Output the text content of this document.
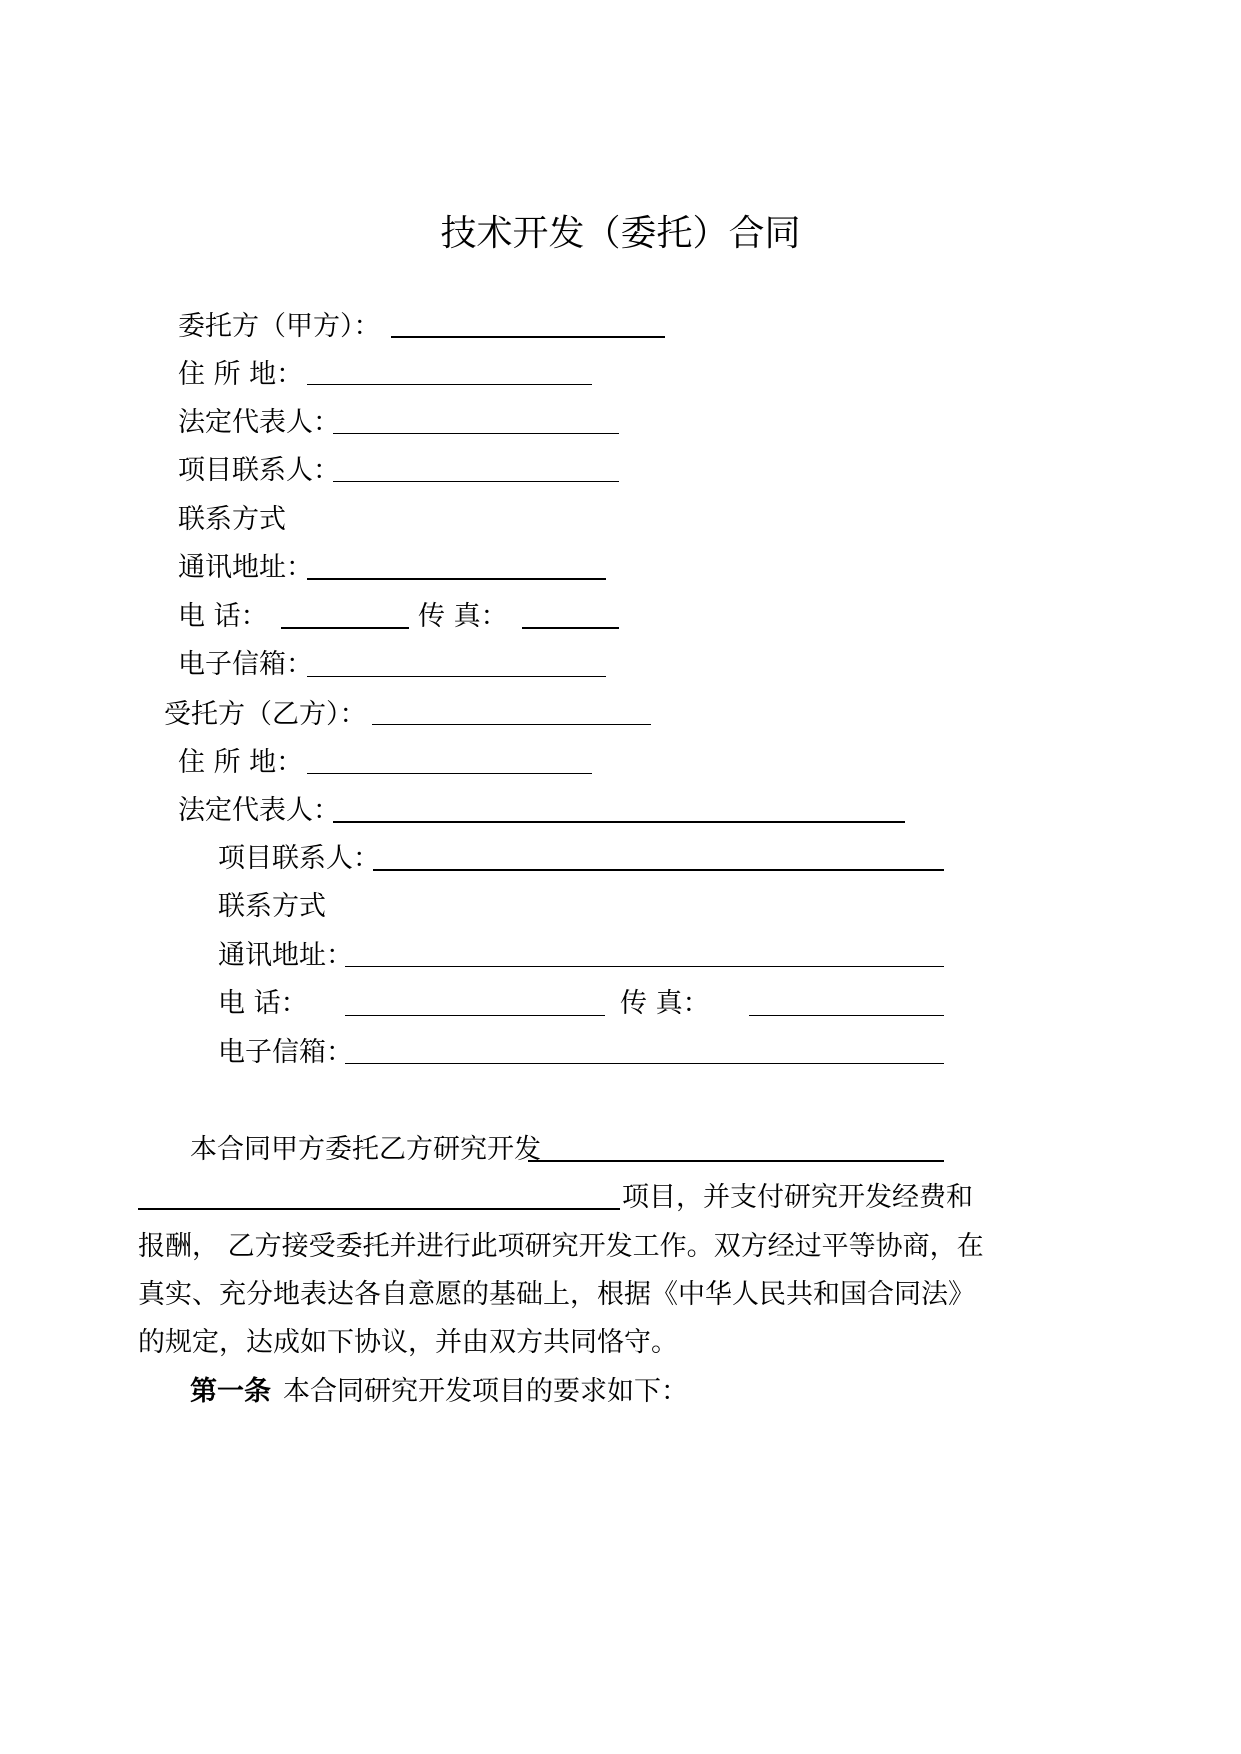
技术开发（委托）合同
委托方（甲方）：
住 所 地：
法定代表人：
项目联系人：
联系方式
通讯地址：
电 话：	传 真：
电子信箱：
受托方（乙方）：
住 所 地：
法定代表人：
项目联系人：
联系方式
通讯地址：
电 话：	传 真：
电子信箱：
本合同甲方委托乙方研究开发
项目，并支付研究开发经费和
报酬， 乙方接受委托并进行此项研究开发工作。双方经过平等协商，在
真实、充分地表达各自意愿的基础上，根据《中华人民共和国合同法》
的规定，达成如下协议，并由双方共同恪守。
第一条 本合同研究开发项目的要求如下：
